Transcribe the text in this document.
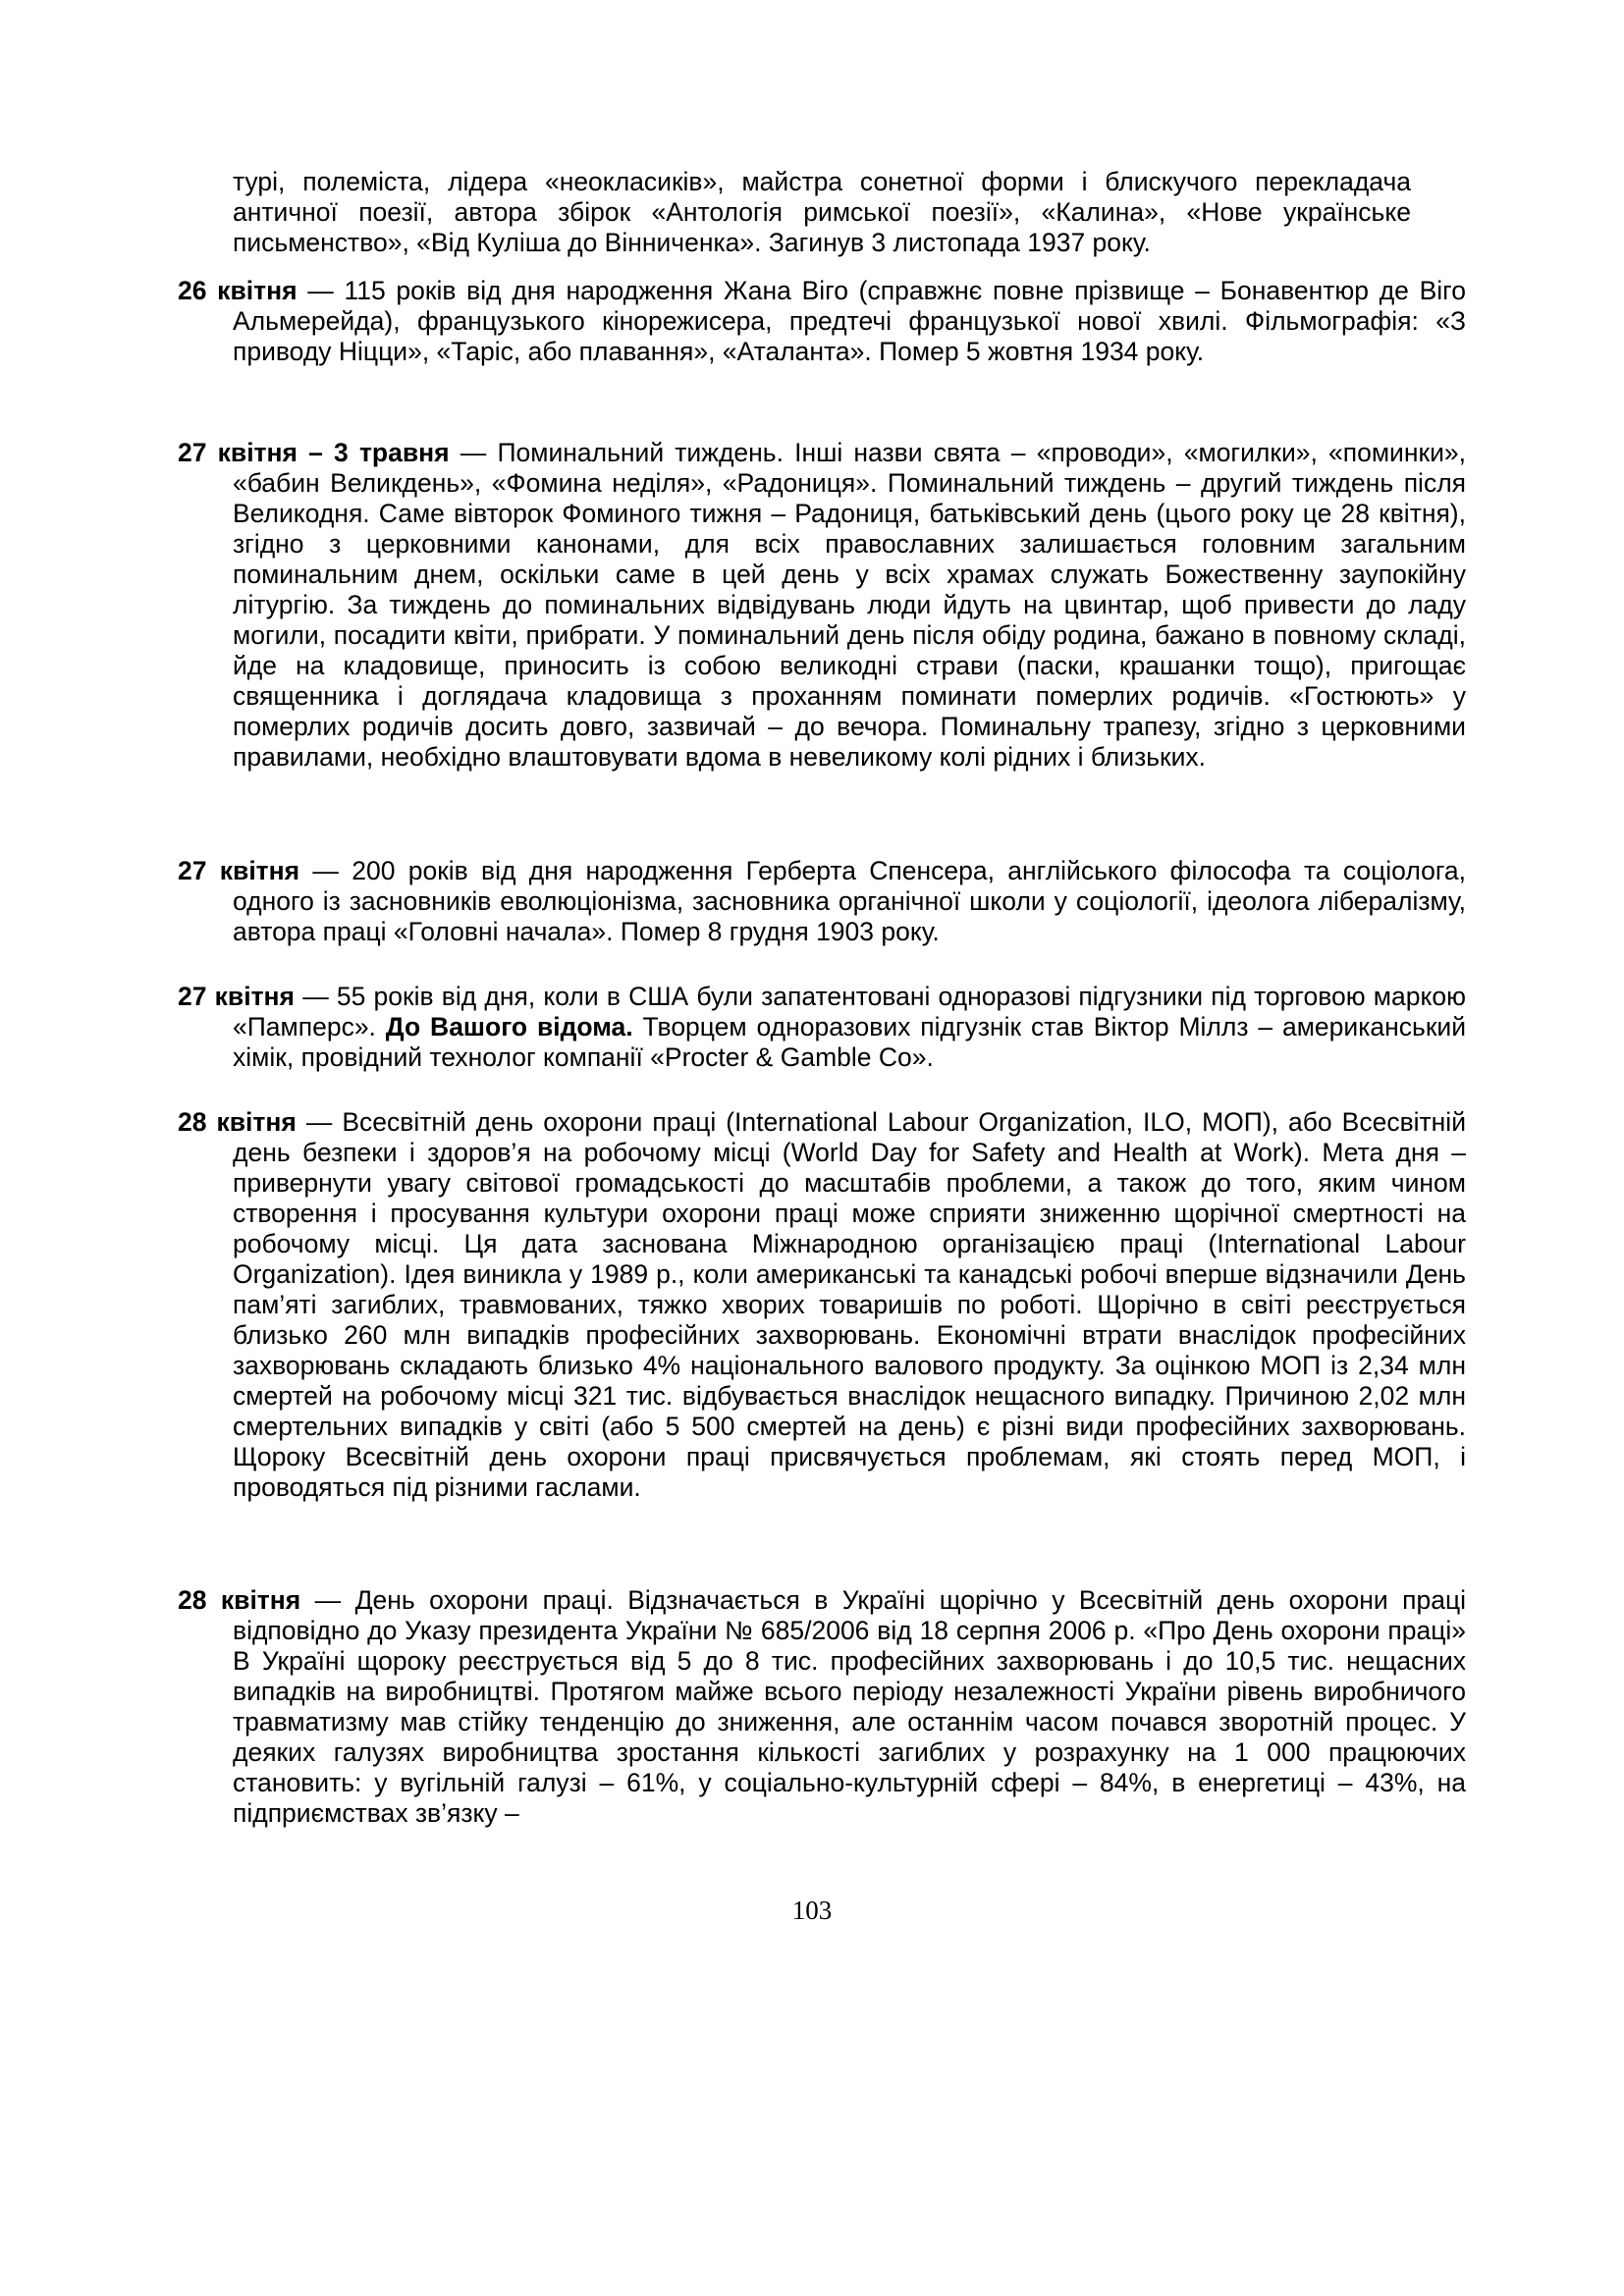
турі, полеміста, лідера «неокласиків», майстра сонетної форми і блискучого перекладача античної поезії, автора збірок «Антологія римської поезії», «Калина», «Нове українське письменство», «Від Куліша до Вінниченка». Загинув 3 листопада 1937 року.

26 квітня — 115 років від дня народження Жана Віго (справжнє повне прізвище – Бонавентюр де Віго Альмерейда), французького кінорежисера, предтечі французької нової хвилі. Фільмографія: «З приводу Ніцци», «Таріс, або плавання», «Аталанта». Помер 5 жовтня 1934 року.

27 квітня – 3 травня — Поминальний тиждень. Інші назви свята – «проводи», «могилки», «поминки», «бабин Великдень», «Фомина неділя», «Радониця». Поминальний тиждень – другий тиждень після Великодня. Саме вівторок Фоминого тижня – Радониця, батьківський день (цього року це 28 квітня), згідно з церковними канонами, для всіх православних залишається головним загальним поминальним днем, оскільки саме в цей день у всіх храмах служать Божественну заупокійну літургію. За тиждень до поминальних відвідувань люди йдуть на цвинтар, щоб привести до ладу могили, посадити квіти, прибрати. У поминальний день після обіду родина, бажано в повному складі, йде на кладовище, приносить із собою великодні страви (паски, крашанки тощо), пригощає священника і доглядача кладовища з проханням поминати померлих родичів. «Гостюють» у померлих родичів досить довго, зазвичай – до вечора. Поминальну трапезу, згідно з церковними правилами, необхідно влаштовувати вдома в невеликому колі рідних і близьких.

27 квітня — 200 років від дня народження Герберта Спенсера, англійського філософа та соціолога, одного із засновників еволюціонізма, засновника органічної школи у соціології, ідеолога лібералізму, автора праці «Головні начала». Помер 8 грудня 1903 року.

27 квітня — 55 років від дня, коли в США були запатентовані одноразові підгузники під торговою маркою «Памперс». До Вашого відома. Творцем одноразових підгузнік став Віктор Міллз – американський хімік, провідний технолог компанії «Procter & Gamble Co».

28 квітня — Всесвітній день охорони праці (International Labour Organization, ILO, МОП), або Всесвітній день безпеки і здоров’я на робочому місці (World Day for Safety and Health at Work). Мета дня – привернути увагу світової громадськості до масштабів проблеми, а також до того, яким чином створення і просування культури охорони праці може сприяти зниженню щорічної смертності на робочому місці. Ця дата заснована Міжнародною організацією праці (International Labour Organization). Ідея виникла у 1989 р., коли американські та канадські робочі вперше відзначили День пам’яті загиблих, травмованих, тяжко хворих товаришів по роботі. Щорічно в світі реєструється близько 260 млн випадків професійних захворювань. Економічні втрати внаслідок професійних захворювань складають близько 4% національного валового продукту. За оцінкою МОП із 2,34 млн смертей на робочому місці 321 тис. відбувається внаслідок нещасного випадку. Причиною 2,02 млн смертельних випадків у світі (або 5 500 смертей на день) є різні види професійних захворювань. Щороку Всесвітній день охорони праці присвячується проблемам, які стоять перед МОП, і проводяться під різними гаслами.

28 квітня — День охорони праці. Відзначається в Україні щорічно у Всесвітній день охорони праці відповідно до Указу президента України № 685/2006 від 18 серпня 2006 р. «Про День охорони праці» В Україні щороку реєструється від 5 до 8 тис. професійних захворювань і до 10,5 тис. нещасних випадків на виробництві. Протягом майже всього періоду незалежності України рівень виробничого травматизму мав стійку тенденцію до зниження, але останнім часом почався зворотній процес. У деяких галузях виробництва зростання кількості загиблих у розрахунку на 1 000 працюючих становить: у вугільній галузі – 61%, у соціально-культурній сфері – 84%, в енергетиці – 43%, на підприємствах зв’язку –

103
